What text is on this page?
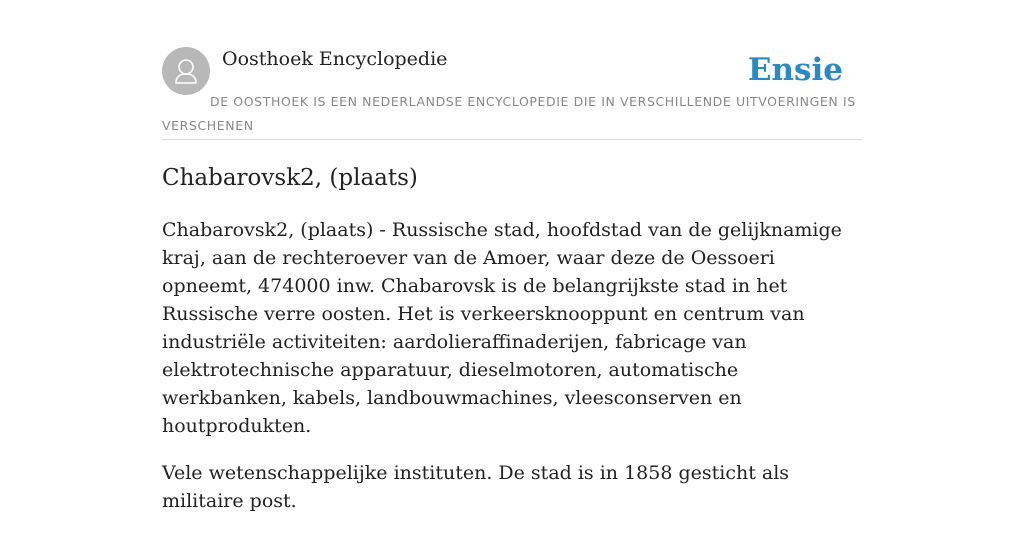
Oosthoek Encyclopedie	Ensie
DE OOSTHOEK IS EEN NEDERLANDSE ENCYCLOPEDIE DIE IN VERSCHILLENDE UITVOERINGEN IS VERSCHENEN
Chabarovsk2, (plaats)

Chabarovsk2, (plaats) - Russische stad, hoofdstad van de gelijknamige kraj, aan de rechteroever van de Amoer, waar deze de Oessoeri opneemt, 474000 inw. Chabarovsk is de belangrijkste stad in het Russische verre oosten. Het is verkeersknooppunt en centrum van industriële activiteiten: aardolieraffinaderijen, fabricage van elektrotechnische apparatuur, dieselmotoren, automatische werkbanken, kabels, landbouwmachines, vleesconserven en houtprodukten.

Vele wetenschappelijke instituten. De stad is in 1858 gesticht als militaire post.
